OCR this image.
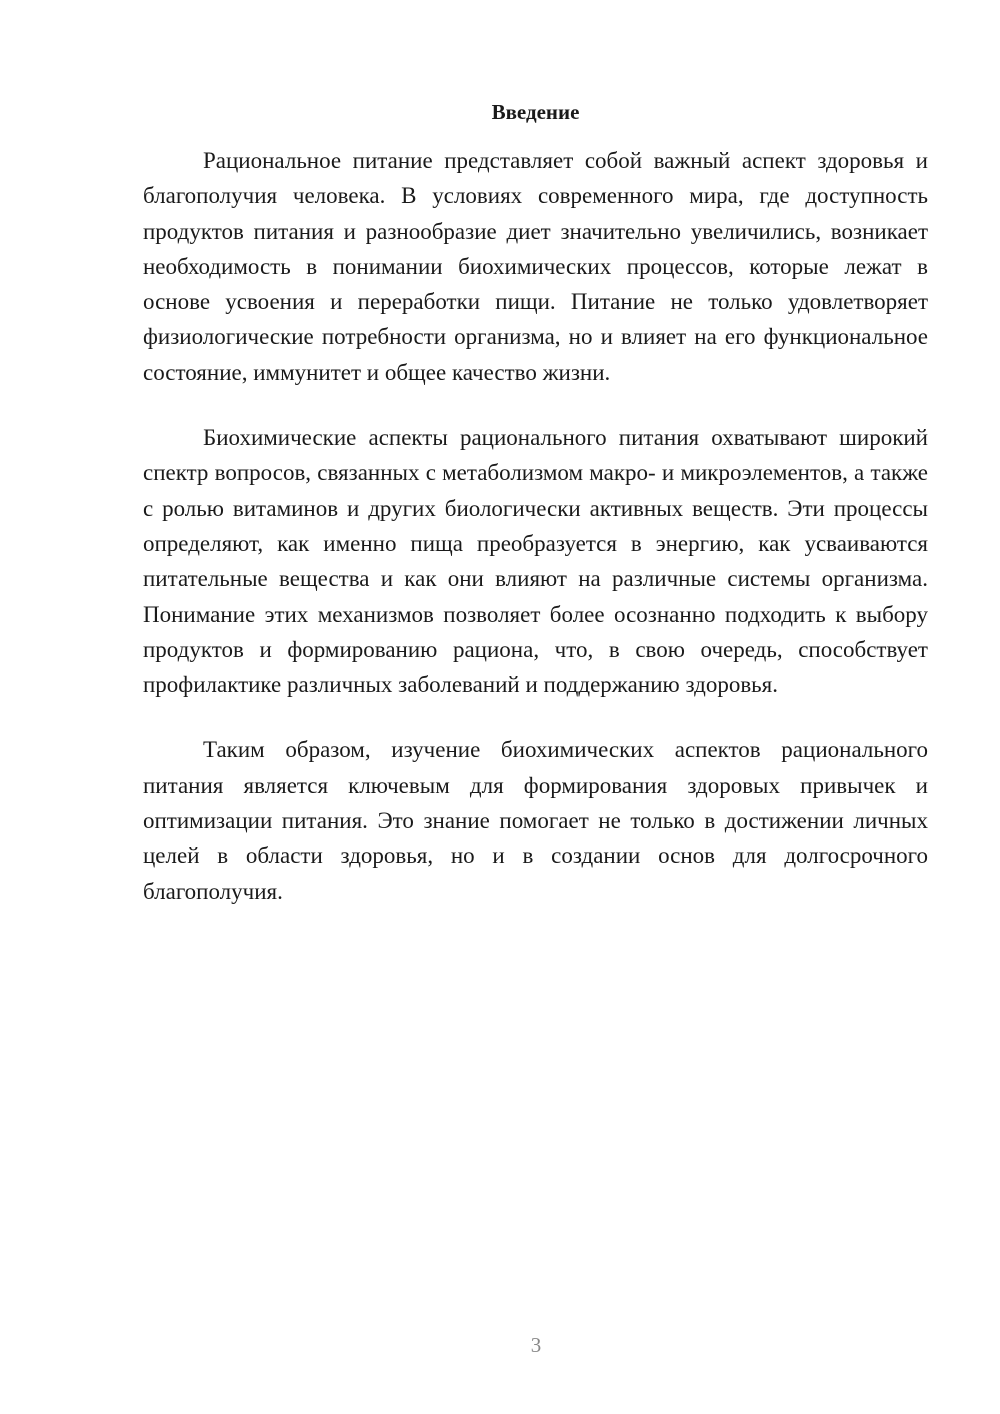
Введение

Рациональное питание представляет собой важный аспект здоровья и благополучия человека. В условиях современного мира, где доступность продуктов питания и разнообразие диет значительно увеличились, возникает необходимость в понимании биохимических процессов, которые лежат в основе усвоения и переработки пищи. Питание не только удовлетворяет физиологические потребности организма, но и влияет на его функциональное состояние, иммунитет и общее качество жизни.

Биохимические аспекты рационального питания охватывают широкий спектр вопросов, связанных с метаболизмом макро- и микроэлементов, а также с ролью витаминов и других биологически активных веществ. Эти процессы определяют, как именно пища преобразуется в энергию, как усваиваются питательные вещества и как они влияют на различные системы организма. Понимание этих механизмов позволяет более осознанно подходить к выбору продуктов и формированию рациона, что, в свою очередь, способствует профилактике различных заболеваний и поддержанию здоровья.

Таким образом, изучение биохимических аспектов рационального питания является ключевым для формирования здоровых привычек и оптимизации питания. Это знание помогает не только в достижении личных целей в области здоровья, но и в создании основ для долгосрочного благополучия.

3
